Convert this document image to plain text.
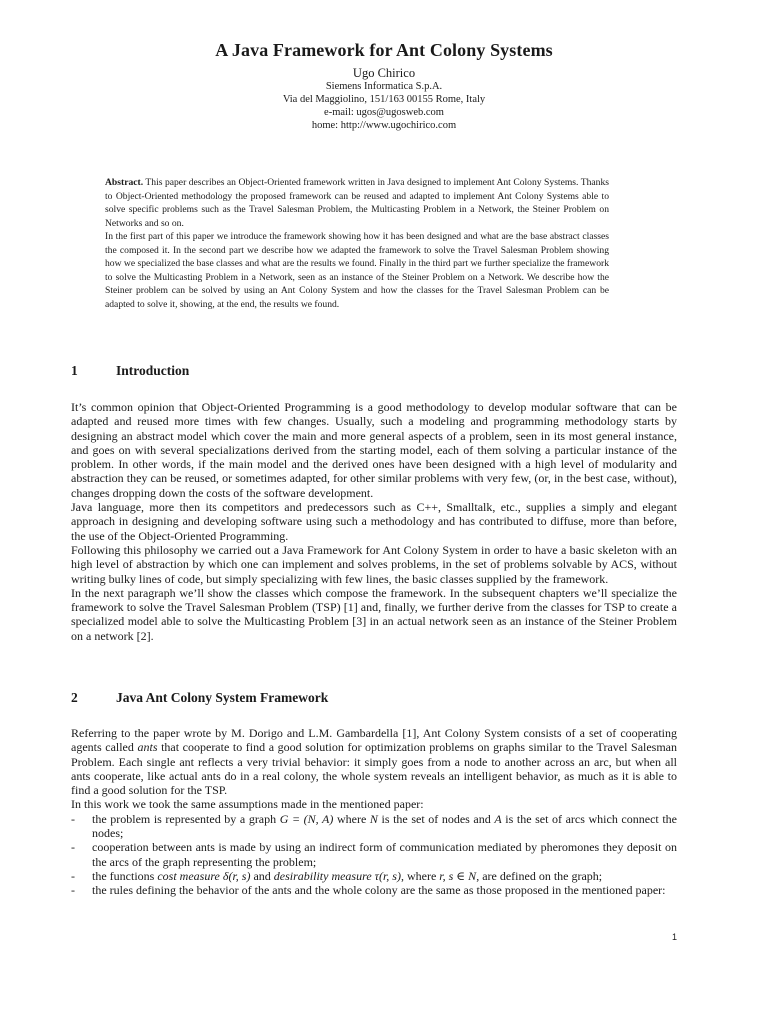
A Java Framework for Ant Colony Systems
Ugo Chirico
Siemens Informatica S.p.A.
Via del Maggiolino, 151/163 00155 Rome, Italy
e-mail: ugos@ugosweb.com
home: http://www.ugochirico.com

Abstract. This paper describes an Object-Oriented framework written in Java designed to implement Ant Colony Systems. Thanks to Object-Oriented methodology the proposed framework can be reused and adapted to implement Ant Colony Systems able to solve specific problems such as the Travel Salesman Problem, the Multicasting Problem in a Network, the Steiner Problem on Networks and so on.

In the first part of this paper we introduce the framework showing how it has been designed and what are the base abstract classes the composed it. In the second part we describe how we adapted the framework to solve the Travel Salesman Problem showing how we specialized the base classes and what are the results we found. Finally in the third part we further specialize the framework to solve the Multicasting Problem in a Network, seen as an instance of the Steiner Problem on a Network. We describe how the Steiner problem can be solved by using an Ant Colony System and how the classes for the Travel Salesman Problem can be adapted to solve it, showing, at the end, the results we found.

1	Introduction

It’s common opinion that Object-Oriented Programming is a good methodology to develop modular software that can be adapted and reused more times with few changes. Usually, such a modeling and programming methodology starts by designing an abstract model which cover the main and more general aspects of a problem, seen in its most general instance, and goes on with several specializations derived from the starting model, each of them solving a particular instance of the problem. In other words, if the main model and the derived ones have been designed with a high level of modularity and abstraction they can be reused, or sometimes adapted, for other similar problems with very few, (or, in the best case, without), changes dropping down the costs of the software development.

Java language, more then its competitors and predecessors such as C++, Smalltalk, etc., supplies a simply and elegant approach in designing and developing software using such a methodology and has contributed to diffuse, more than before, the use of the Object-Oriented Programming.

Following this philosophy we carried out a Java Framework for Ant Colony System in order to have a basic skeleton with an high level of abstraction by which one can implement and solves problems, in the set of problems solvable by ACS, without writing bulky lines of code, but simply specializing with few lines, the basic classes supplied by the framework.

In the next paragraph we’ll show the classes which compose the framework. In the subsequent chapters we’ll specialize the framework to solve the Travel Salesman Problem (TSP) [1] and, finally, we further derive from the classes for TSP to create a specialized model able to solve the Multicasting Problem [3] in an actual network seen as an instance of the Steiner Problem on a network [2].

2	Java Ant Colony System Framework

Referring to the paper wrote by M. Dorigo and L.M. Gambardella [1], Ant Colony System consists of a set of cooperating agents called ants that cooperate to find a good solution for optimization problems on graphs similar to the Travel Salesman Problem. Each single ant reflects a very trivial behavior: it simply goes from a node to another across an arc, but when all ants cooperate, like actual ants do in a real colony, the whole system reveals an intelligent behavior, as much as it is able to find a good solution for the TSP.

In this work we took the same assumptions made in the mentioned paper:

- the problem is represented by a graph G = (N, A) where N is the set of nodes and A is the set of arcs which connect the nodes;
- cooperation between ants is made by using an indirect form of communication mediated by pheromones they deposit on the arcs of the graph representing the problem;
- the functions cost measure δ(r, s) and desirability measure τ(r, s), where r, s ∈ N, are defined on the graph;
- the rules defining the behavior of the ants and the whole colony are the same as those proposed in the mentioned paper:
1
